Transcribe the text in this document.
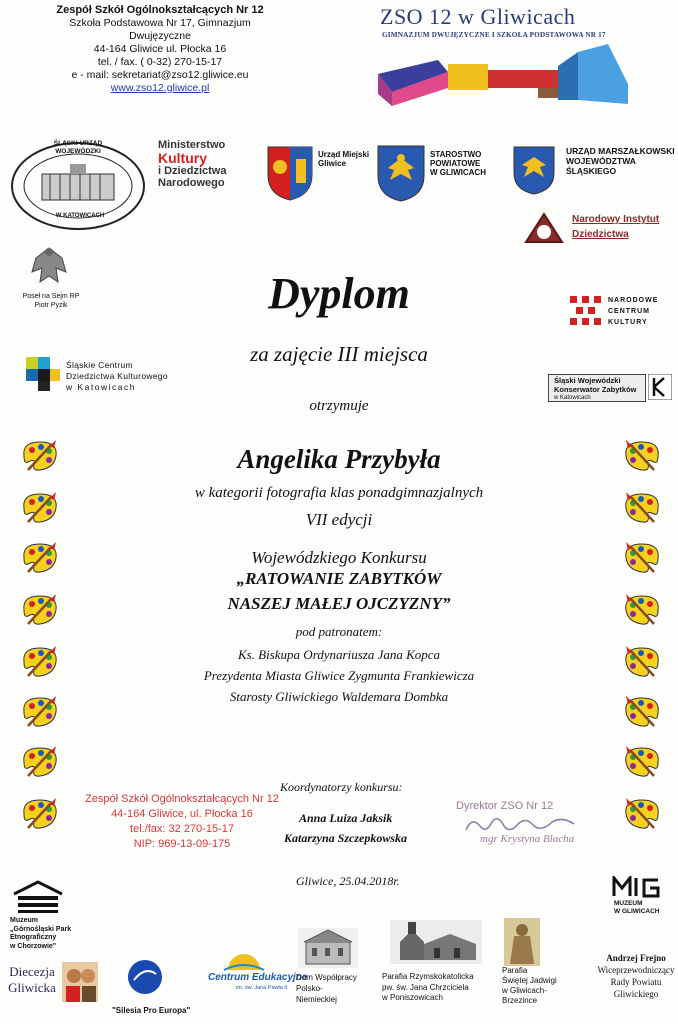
Zespół Szkół Ogólnokształcących Nr 12
Szkoła Podstawowa Nr 17, Gimnazjum Dwujęzyczne
44-164 Gliwice ul. Płocka 16
tel. / fax. ( 0-32) 270-15-17
e - mail: sekretariat@zso12.gliwice.eu
www.zso12.gliwice.pl
ZSO 12 w Gliwicach
GIMNAZJUM DWUJĘZYCZNE I SZKOŁA PODSTAWOWA NR 17
ŚLĄSKI URZĄD WOJEWÓDZKI
W KATOWICACH
Ministerstwo
Kultury
i Dziedzictwa
Narodowego
Urząd Miejski
Gliwice
STAROSTWO
POWIATOWE
W GLIWICACH
URZĄD MARSZAŁKOWSKI
WOJEWÓDZTWA
ŚLĄSKIEGO
Narodowy Instytut
Dziedzictwa
Poseł na Sejm RP
Piotr Pyzik
NARODOWE
CENTRUM
KULTURY
Śląskie Centrum
Dziedzictwa Kulturowego
w Katowicach
Śląski Wojewódzki
Konserwator Zabytków
w Katowicach
Dyplom
za zajęcie III miejsca
otrzymuje
Angelika Przybyła
w kategorii fotografia klas ponadgimnazjalnych
VII edycji
Wojewódzkiego Konkursu
„RATOWANIE ZABYTKÓW
NASZEJ MAŁEJ OJCZYZNY”
pod patronatem:
Ks. Biskupa Ordynariusza Jana Kopca
Prezydenta Miasta Gliwice Zygmunta Frankiewicza
Starosty Gliwickiego Waldemara Dombka
Zespół Szkół Ogólnokształcących Nr 12
44-164 Gliwice, ul. Płocka 16
tel./fax: 32 270-15-17
NIP: 969-13-09-175
Koordynatorzy konkursu:
Anna Luiza Jaksik
Katarzyna Szczepkowska
Dyrektor ZSO Nr 12
mgr Krystyna Blacha
Gliwice, 25.04.2018r.
Muzeum
„Górnośląski Park
Etnograficzny
w Chorzowie"
Diecezja
Gliwicka
"Silesia Pro Europa"
Centrum Edukacyjne
im. św. Jana Pawła II
Dom Współpracy
Polsko-
Niemieckiej
Parafia Rzymskokatolicka
pw. św. Jana Chrzciciela
w Poniszowicach
Parafia
Świętej Jadwigi
w Gliwicach-
Brzezince
MUZEUM
W GLIWICACH
Andrzej Frejno
Wiceprzewodniczący
Rady Powiatu
Gliwickiego
